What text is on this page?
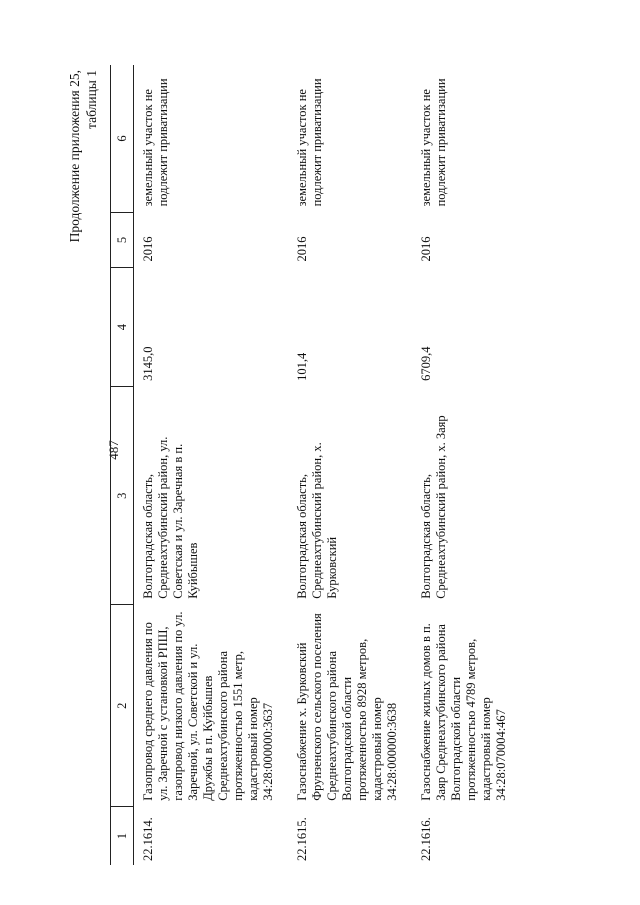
487
Продолжение приложения 25, таблицы 1
1	2	3	4	5	6
22.1614.	Газопровод среднего давления по ул. Заречной с установкой РПШ, газопровод низкого давления по ул. Заречной, ул. Советской и ул. Дружбы в п. Куйбышев Среднеахтубинского района протяженностью 1551 метр, кадастровый номер 34:28:000000:3637	Волгоградская область, Среднеахтубинский район, ул. Советская и ул. Заречная в п. Куйбышев	3145,0	2016	земельный участок не подлежит приватизации
22.1615.	Газоснабжение х. Бурковский Фрунзенского сельского поселения Среднеахтубинского района Волгоградской области протяженностью 8928 метров, кадастровый номер 34:28:000000:3638	Волгоградская область, Среднеахтубинский район, х. Бурковский	101,4	2016	земельный участок не подлежит приватизации
22.1616.	Газоснабжение жилых домов в п. Заяр Среднеахтубинского района Волгоградской области протяженностью 4789 метров, кадастровый номер 34:28:070004:467	Волгоградская область, Среднеахтубинский район, х. Заяр	6709,4	2016	земельный участок не подлежит приватизации
